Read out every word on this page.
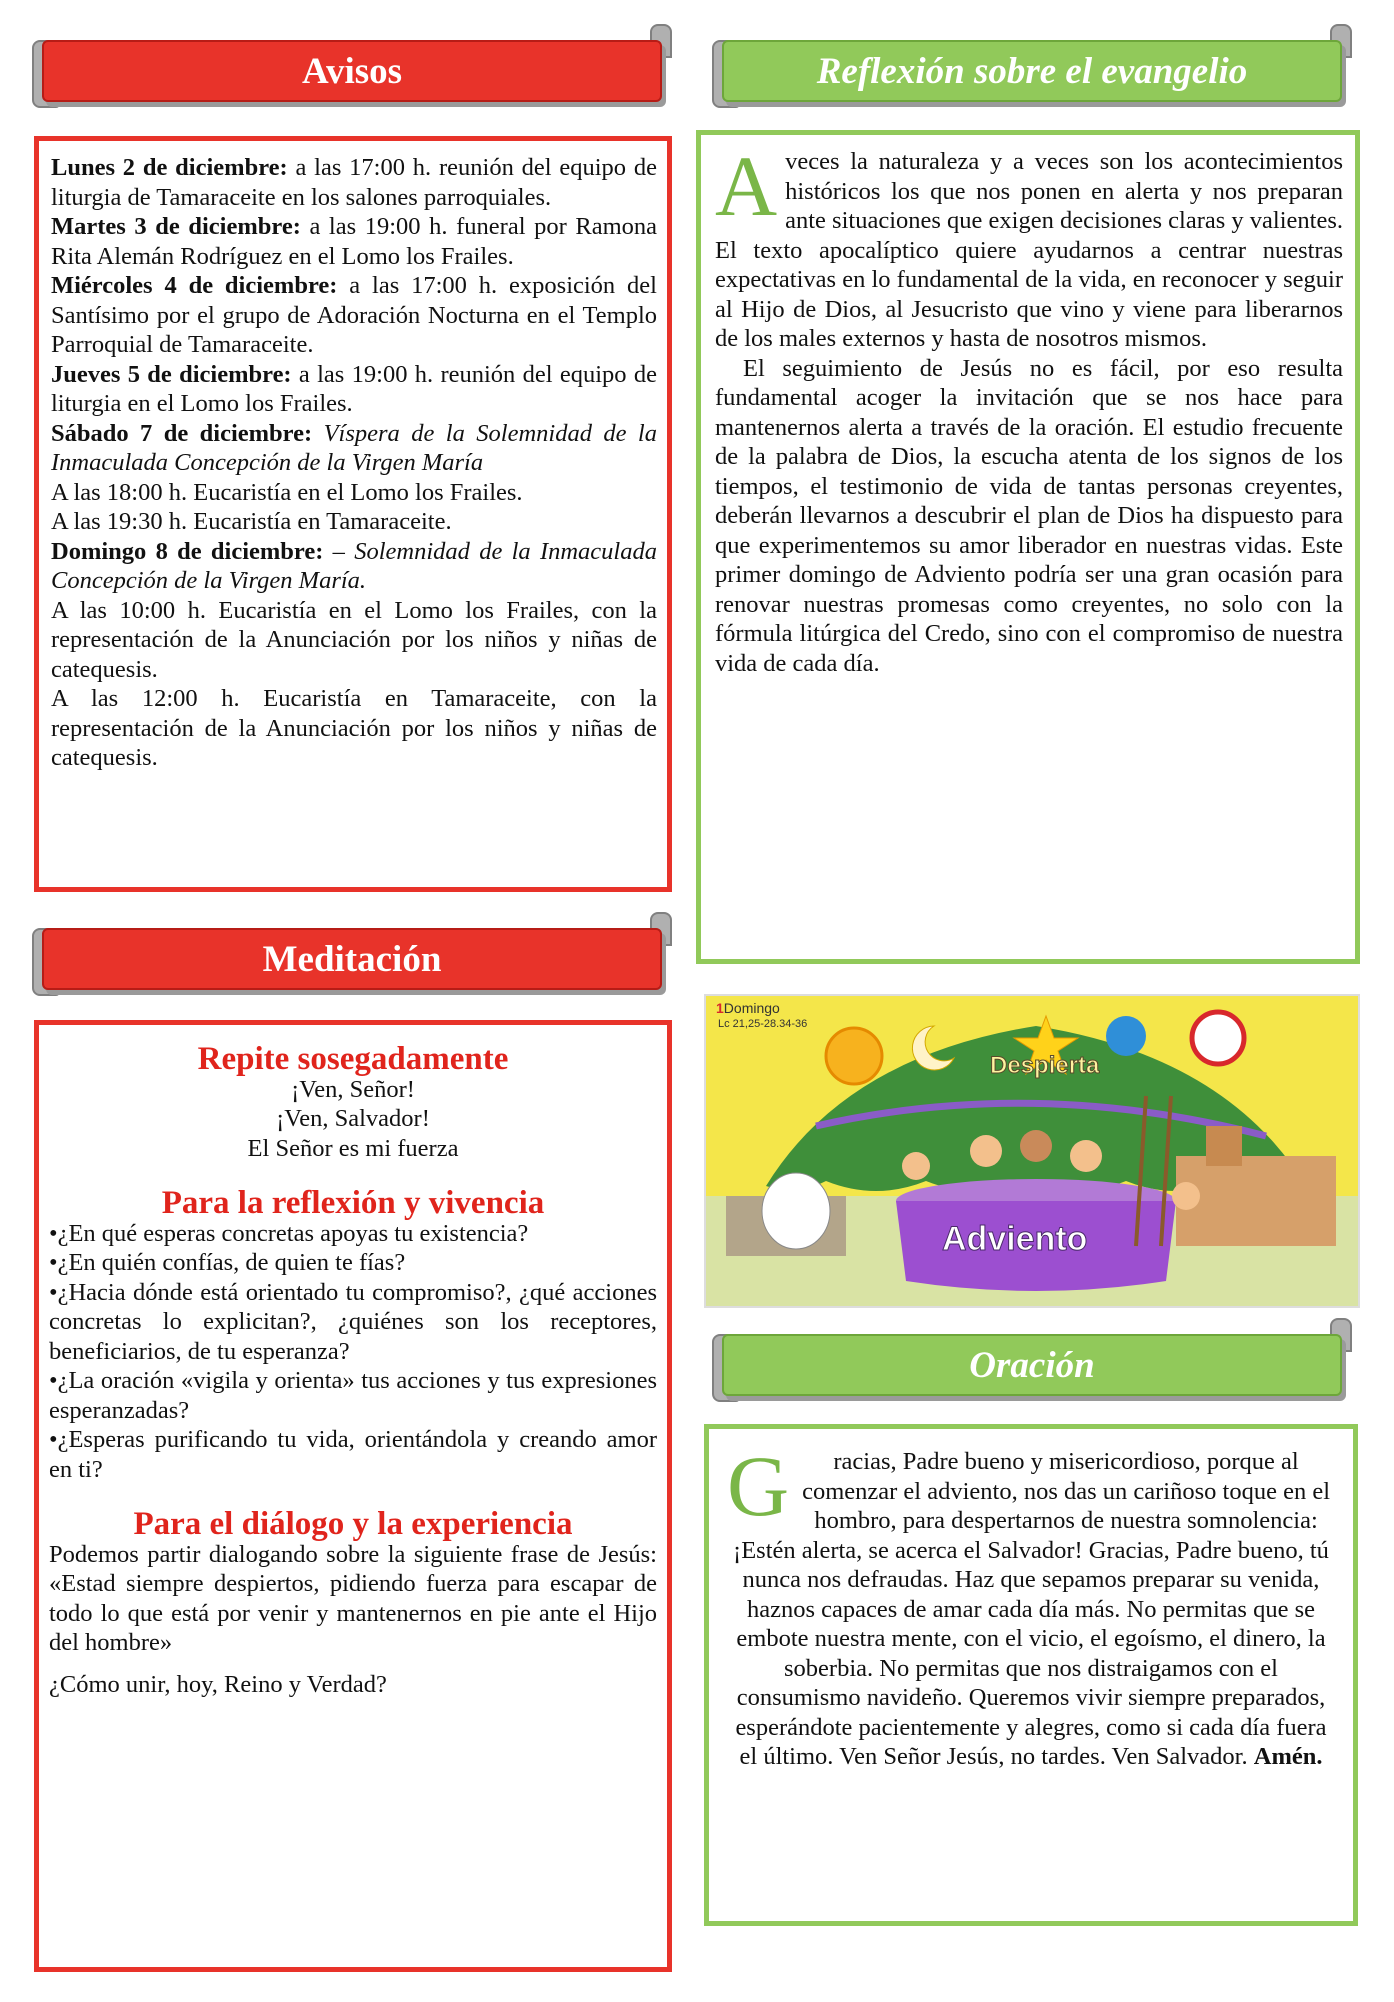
Avisos

Lunes 2 de diciembre: a las 17:00 h. reunión del equipo de liturgia de Tamaraceite en los salones parroquiales.

Martes 3 de diciembre: a las 19:00 h. funeral por Ramona Rita Alemán Rodríguez en el Lomo los Frailes.

Miércoles 4 de diciembre: a las 17:00 h. exposición del Santísimo por el grupo de Adoración Nocturna en el Templo Parroquial de Tamaraceite.

Jueves 5 de diciembre: a las 19:00 h. reunión del equipo de liturgia en el Lomo los Frailes.

Sábado 7 de diciembre: Víspera de la Solemnidad de la Inmaculada Concepción de la Virgen María

A las 18:00 h. Eucaristía en el Lomo los Frailes.

A las 19:30 h. Eucaristía en Tamaraceite.

Domingo 8 de diciembre: – Solemnidad de la Inmaculada Concepción de la Virgen María.

A las 10:00 h. Eucaristía en el Lomo los Frailes, con la representación de la Anunciación por los niños y niñas de catequesis.

A las 12:00 h. Eucaristía en Tamaraceite, con la representación de la Anunciación por los niños y niñas de catequesis.

Meditación

Repite sosegadamente

¡Ven, Señor!

¡Ven, Salvador!

El Señor es mi fuerza

Para la reflexión y vivencia

•¿En qué esperas concretas apoyas tu existencia?

•¿En quién confías, de quien te fías?

•¿Hacia dónde está orientado tu compromiso?, ¿qué acciones concretas lo explicitan?, ¿quiénes son los receptores, beneficiarios, de tu esperanza?

•¿La oración «vigila y orienta» tus acciones y tus expresiones esperanzadas?

•¿Esperas purificando tu vida, orientándola y creando amor en ti?

Para el diálogo y la experiencia

Podemos partir dialogando sobre la siguiente frase de Jesús: «Estad siempre despiertos, pidiendo fuerza para escapar de todo lo que está por venir y mantenernos en pie ante el Hijo del hombre»

¿Cómo unir, hoy, Reino y Verdad?

Reflexión sobre el evangelio

Aveces la naturaleza y a veces son los acontecimientos históricos los que nos ponen en alerta y nos preparan ante situaciones que exigen decisiones claras y valientes. El texto apocalíptico quiere ayudarnos a centrar nuestras expectativas en lo fundamental de la vida, en reconocer y seguir al Hijo de Dios, al Jesucristo que vino y viene para liberarnos de los males externos y hasta de nosotros mismos.

El seguimiento de Jesús no es fácil, por eso resulta fundamental acoger la invitación que se nos hace para mantenernos alerta a través de la oración. El estudio frecuente de la palabra de Dios, la escucha atenta de los signos de los tiempos, el testimonio de vida de tantas personas creyentes, deberán llevarnos a descubrir el plan de Dios ha dispuesto para que experimentemos su amor liberador en nuestras vidas. Este primer domingo de Adviento podría ser una gran ocasión para renovar nuestras promesas como creyentes, no solo con la fórmula litúrgica del Credo, sino con el compromiso de nuestra vida de cada día.

1Domingo
Lc 21,25-28.34-36
Despierta
Adviento
Oración

G racias, Padre bueno y misericordioso, porque al comenzar el adviento, nos das un cariñoso toque en el hombro, para despertarnos de nuestra somnolencia: ¡Estén alerta, se acerca el Salvador! Gracias, Padre bueno, tú nunca nos defraudas. Haz que sepamos preparar su venida, haznos capaces de amar cada día más. No permitas que se embote nuestra mente, con el vicio, el egoísmo, el dinero, la soberbia. No permitas que nos distraigamos con el consumismo navideño. Queremos vivir siempre preparados, esperándote pacientemente y alegres, como si cada día fuera el último. Ven Señor Jesús, no tardes. Ven Salvador. Amén.
